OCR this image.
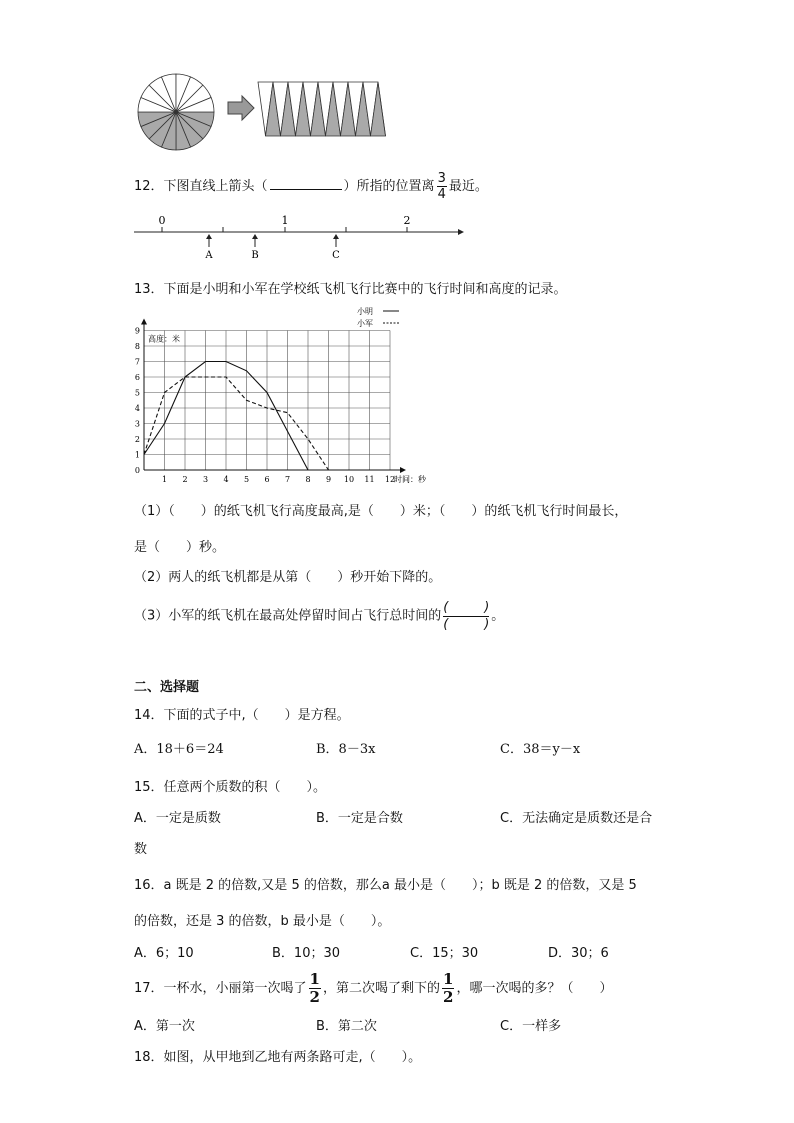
12．下图直线上箭头（	）所指的位置离 $\frac{3}{4}$ 最近。
0	1	2
A	B	C
13．下面是小明和小军在学校纸飞机飞行比赛中的飞行时间和高度的记录。
1 2 3 4 5 6 7 8 9 10 11 12
0
1
2
3
4
5
6
7
8
9
高度：米
时间：秒
小明
小军
（1）（　　）的纸飞机飞行高度最高,是（　　）米；（　　）的纸飞机飞行时间最长，
是（　　）秒。
（2）两人的纸飞机都是从第（　　）秒开始下降的。
（3）小军的纸飞机在最高处停留时间占飞行总时间的
(	)
(	)
。
二、选择题
14．下面的式子中,（　　）是方程。
A．18＋6＝24	B．8－3x	C．38＝y－x
15．任意两个质数的积（　　）。
A．一定是质数	B．一定是合数	C．无法确定是质数还是合
数
16．a 既是 2 的倍数,又是 5 的倍数，那么a 最小是（　　）；b 既是 2 的倍数，又是 5
的倍数，还是 3 的倍数，b 最小是（　　）。
A．6；10	B．10；30	C．15；30	D．30；6
17．一杯水，小丽第一次喝了 $\frac{1}{2}$ ，第二次喝了剩下的 $\frac{1}{2}$ ，哪一次喝的多？（　　）
A．第一次	B．第二次	C．一样多
18．如图，从甲地到乙地有两条路可走,（　　）。
